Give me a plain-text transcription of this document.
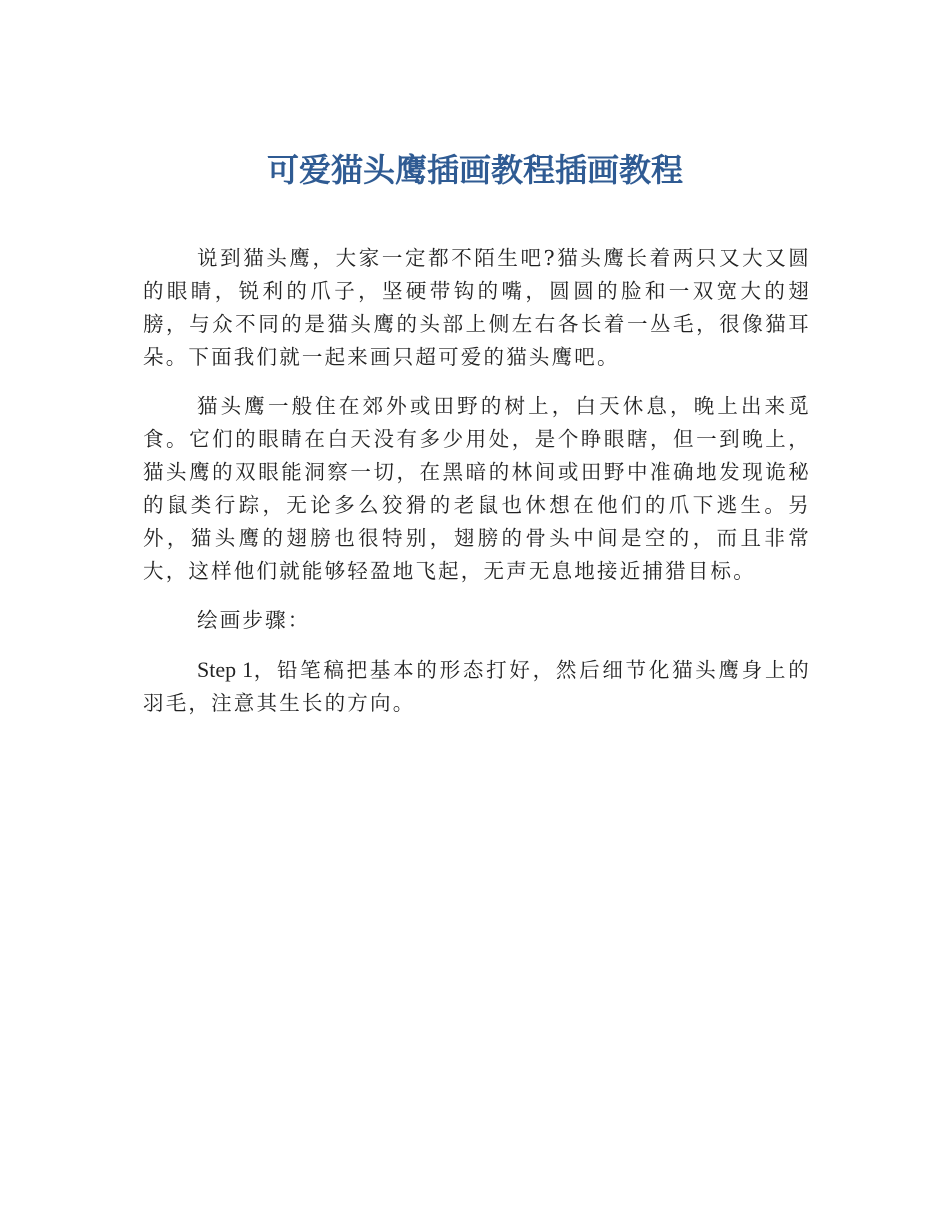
可爱猫头鹰插画教程插画教程

说到猫头鹰，大家一定都不陌生吧?猫头鹰长着两只又大又圆的眼睛，锐利的爪子，坚硬带钩的嘴，圆圆的脸和一双宽大的翅膀，与众不同的是猫头鹰的头部上侧左右各长着一丛毛，很像猫耳朵。下面我们就一起来画只超可爱的猫头鹰吧。

猫头鹰一般住在郊外或田野的树上，白天休息，晚上出来觅食。它们的眼睛在白天没有多少用处，是个睁眼瞎，但一到晚上，猫头鹰的双眼能洞察一切，在黑暗的林间或田野中准确地发现诡秘的鼠类行踪，无论多么狡猾的老鼠也休想在他们的爪下逃生。另外，猫头鹰的翅膀也很特别，翅膀的骨头中间是空的，而且非常大，这样他们就能够轻盈地飞起，无声无息地接近捕猎目标。

绘画步骤：

Step 1，铅笔稿把基本的形态打好，然后细节化猫头鹰身上的羽毛，注意其生长的方向。
